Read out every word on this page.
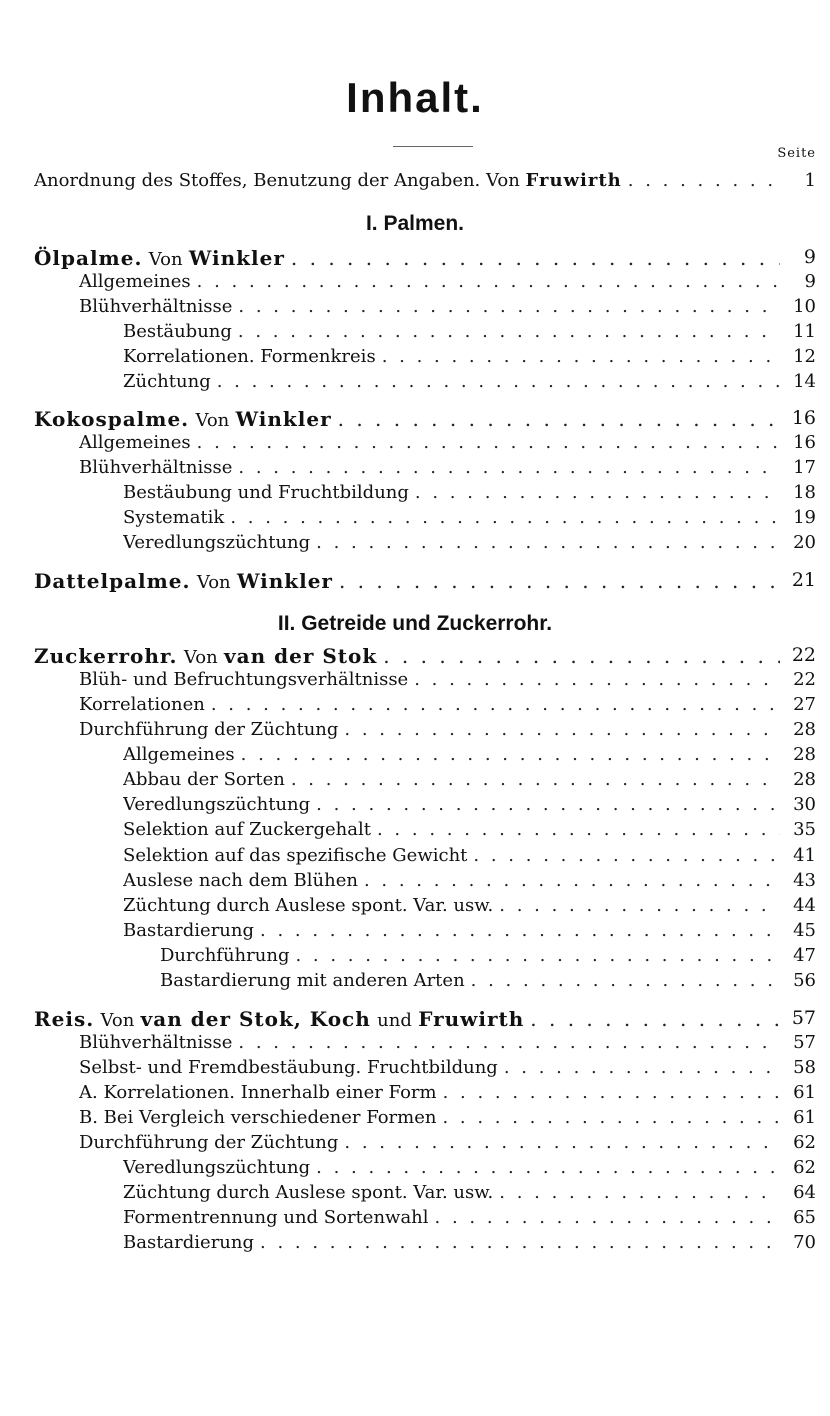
Inhalt.
Seite
Anordnung des Stoffes, Benutzung der Angaben. Von Fruwirth . . .	1
I. Palmen.
II. Getreide und Zuckerrohr.
Ölpalme. Von Winkler . . .	9
Allgemeines . . .	9
Blühverhältnisse . . .	10
Bestäubung . . .	11
Korrelationen. Formenkreis . . .	12
Züchtung . . .	14
Kokospalme. Von Winkler . . .	16
Allgemeines . . .	16
Blühverhältnisse . . .	17
Bestäubung und Fruchtbildung . . .	18
Systematik . . .	19
Veredlungszüchtung . . .	20
Dattelpalme. Von Winkler . . .	21
Zuckerrohr. Von van der Stok . . .	22
Blüh- und Befruchtungsverhältnisse . . .	22
Korrelationen . . .	27
Durchführung der Züchtung . . .	28
Allgemeines . . .	28
Abbau der Sorten . . .	28
Veredlungszüchtung . . .	30
Selektion auf Zuckergehalt . . .	35
Selektion auf das spezifische Gewicht . . .	41
Auslese nach dem Blühen . . .	43
Züchtung durch Auslese spont. Var. usw. . . .	44
Bastardierung . . .	45
Durchführung . . .	47
Bastardierung mit anderen Arten . . .	56
Reis. Von van der Stok, Koch und Fruwirth . . .	57
Blühverhältnisse . . .	57
Selbst- und Fremdbestäubung. Fruchtbildung . . .	58
A. Korrelationen. Innerhalb einer Form . . .	61
B. Bei Vergleich verschiedener Formen . . .	61
Durchführung der Züchtung . . .	62
Veredlungszüchtung . . .	62
Züchtung durch Auslese spont. Var. usw. . . .	64
Formentrennung und Sortenwahl . . .	65
Bastardierung . . .	70
